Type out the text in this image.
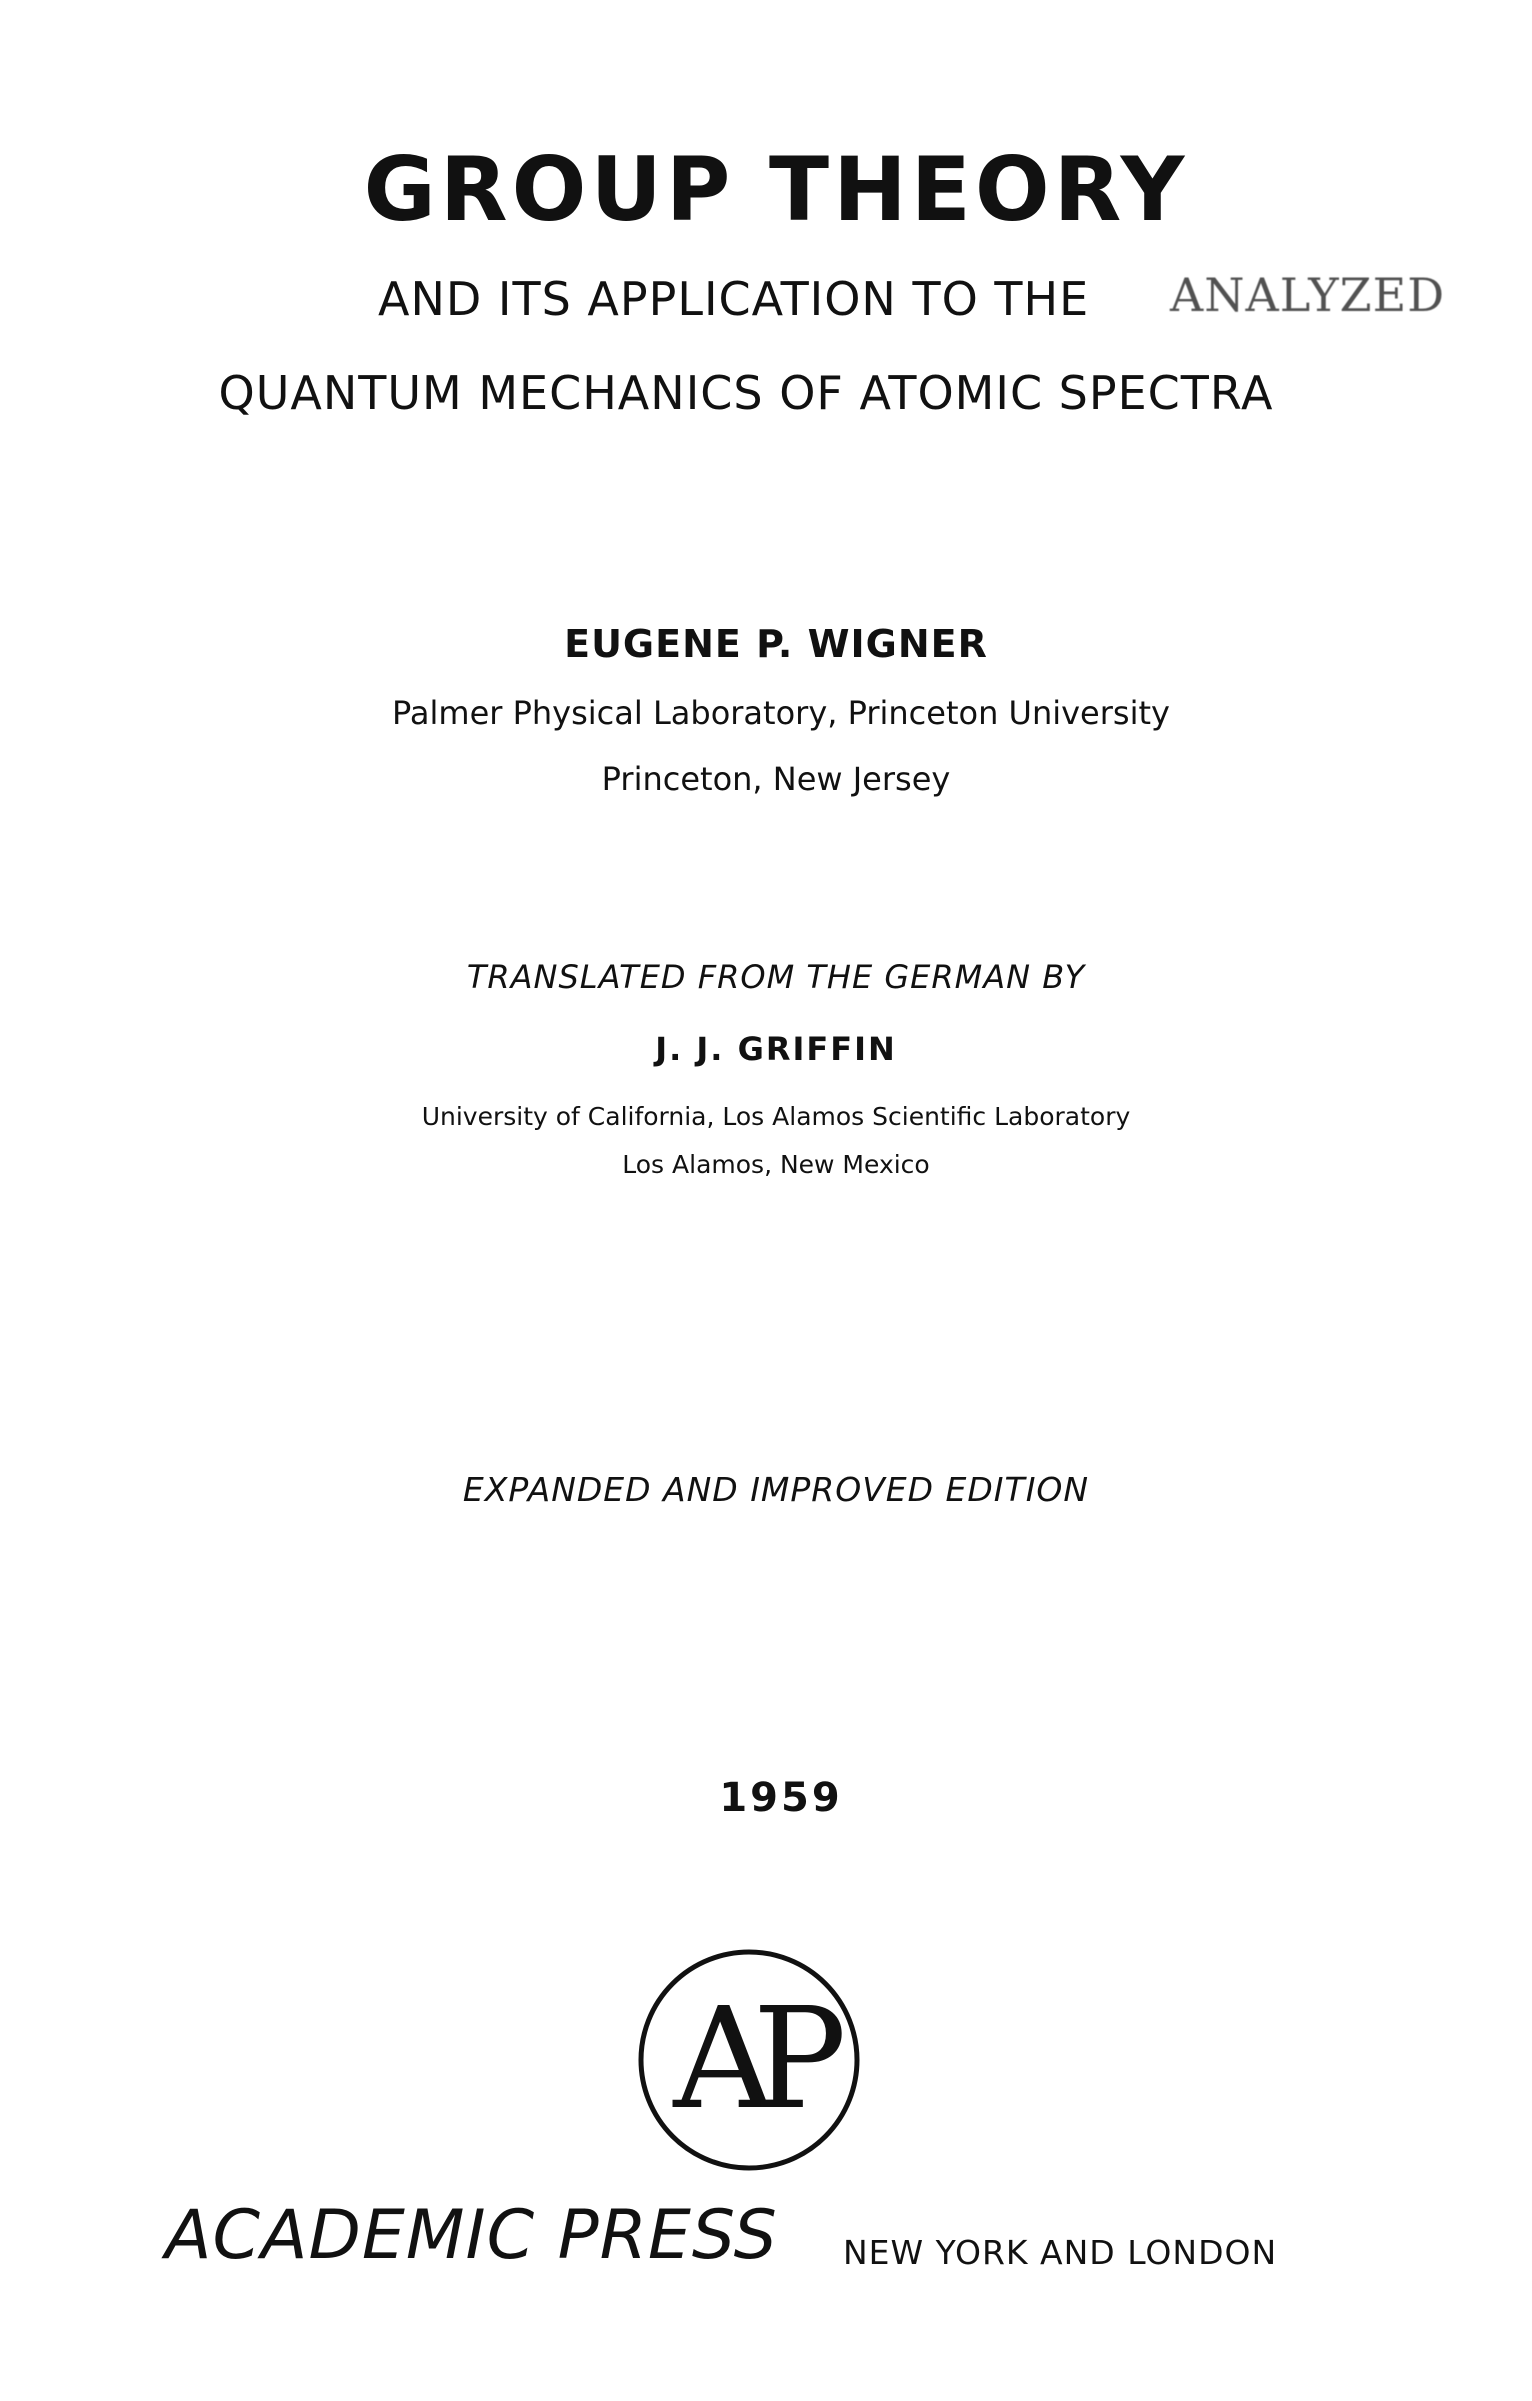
GROUP THEORY
AND ITS APPLICATION TO THE ANALYZED
QUANTUM MECHANICS OF ATOMIC SPECTRA
EUGENE P. WIGNER
Palmer Physical Laboratory, Princeton University
Princeton, New Jersey
TRANSLATED FROM THE GERMAN BY
J. J. GRIFFIN
University of California, Los Alamos Scientific Laboratory
Los Alamos, New Mexico
EXPANDED AND IMPROVED EDITION
1959
AP
ACADEMIC PRESS NEW YORK AND LONDON
